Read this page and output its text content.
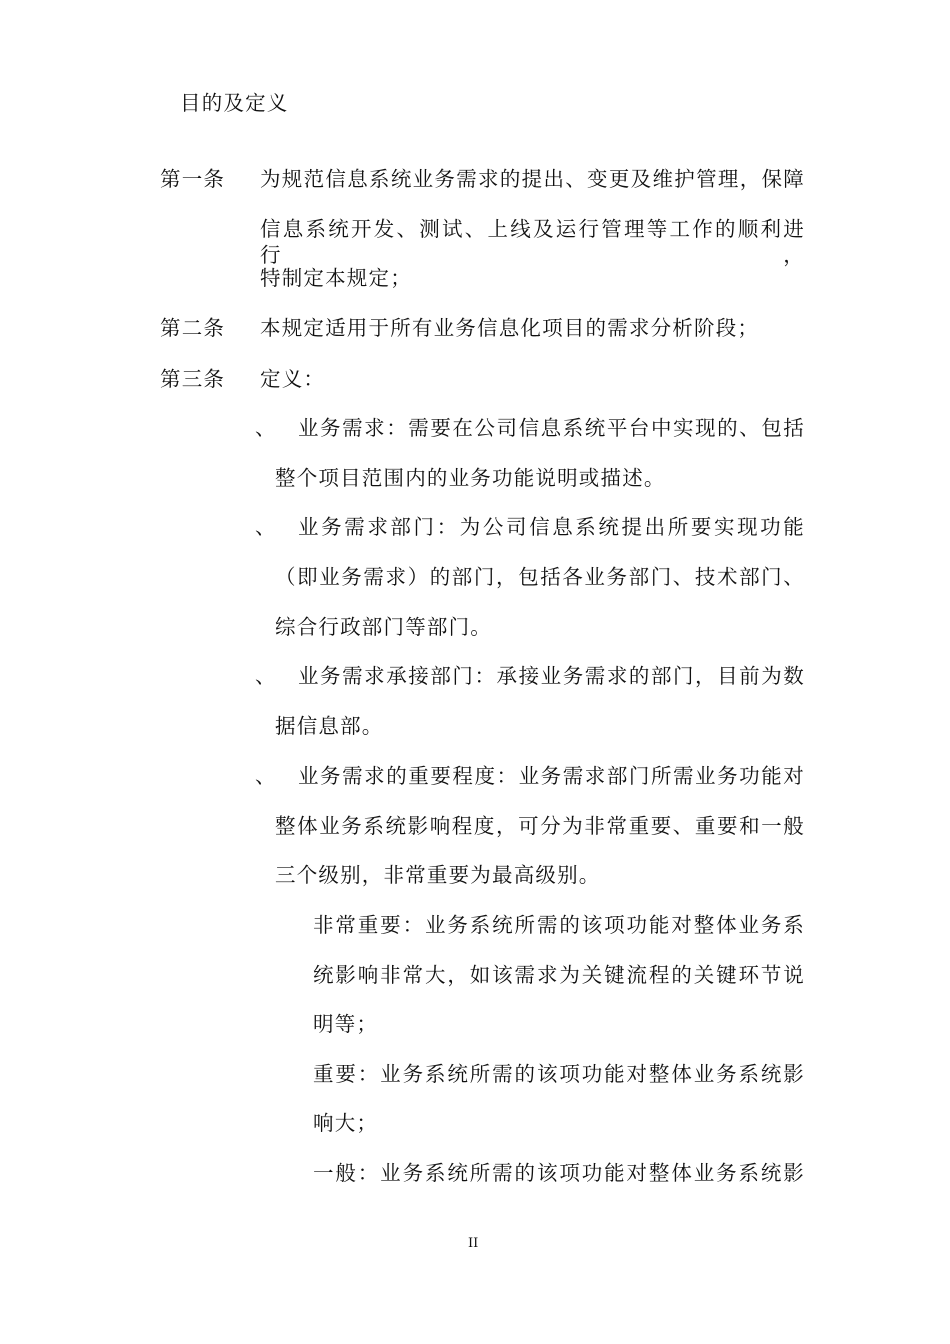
目的及定义
第一条 为规范信息系统业务需求的提出、变更及维护管理，保障
信息系统开发、测试、上线及运行管理等工作的顺利进行，
特制定本规定；
第二条 本规定适用于所有业务信息化项目的需求分析阶段；
第三条 定义：
、 业务需求：需要在公司信息系统平台中实现的、包括
整个项目范围内的业务功能说明或描述。
、 业务需求部门：为公司信息系统提出所要实现功能
（即业务需求）的部门，包括各业务部门、技术部门、
综合行政部门等部门。
、 业务需求承接部门：承接业务需求的部门，目前为数
据信息部。
、 业务需求的重要程度：业务需求部门所需业务功能对
整体业务系统影响程度，可分为非常重要、重要和一般
三个级别，非常重要为最高级别。
非常重要：业务系统所需的该项功能对整体业务系
统影响非常大，如该需求为关键流程的关键环节说
明等；
重要：业务系统所需的该项功能对整体业务系统影
响大；
一般：业务系统所需的该项功能对整体业务系统影
II
